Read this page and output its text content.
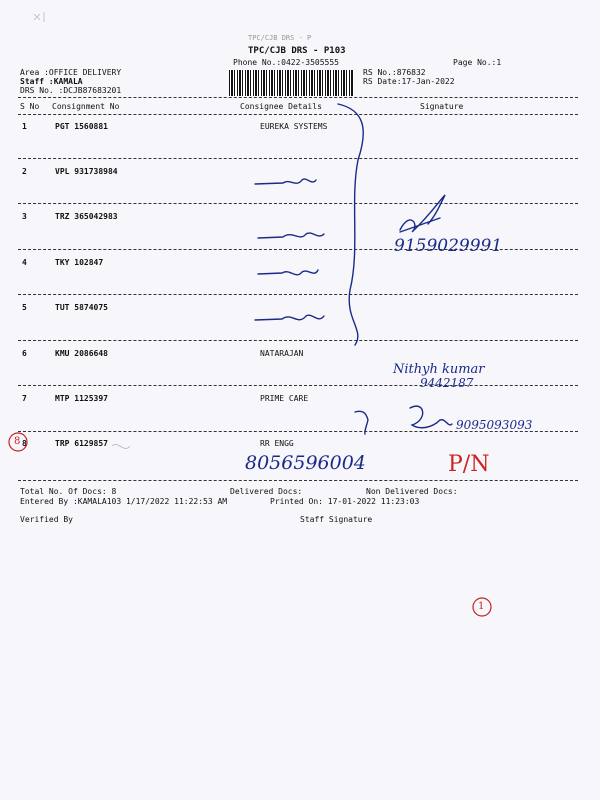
TPC/CJB DRS - P
TPC/CJB DRS - P103
Phone No.:0422-3505555	Page No.:1
Area :OFFICE DELIVERY
Staff :KAMALA
DRS No. :DCJB87683201
RS No.:876832
RS Date:17-Jan-2022
S No Consignment No	Consignee Details	Signature
1	PGT 1560881	EUREKA SYSTEMS
2	VPL 931738984
3	TRZ 365042983
4	TKY 102847
5	TUT 5874075
6	KMU 2086648	NATARAJAN
7	MTP 1125397	PRIME CARE
8	TRP 6129857	RR ENGG
Total No. Of Docs: 8	Delivered Docs:	Non Delivered Docs:
Entered By :KAMALA103 1/17/2022 11:22:53 AM	Printed On: 17-01-2022 11:23:03
Verified By	Staff Signature
9159029991
Nithyh kumar
9442187
9095093093
8056596004	P/N
8
1
